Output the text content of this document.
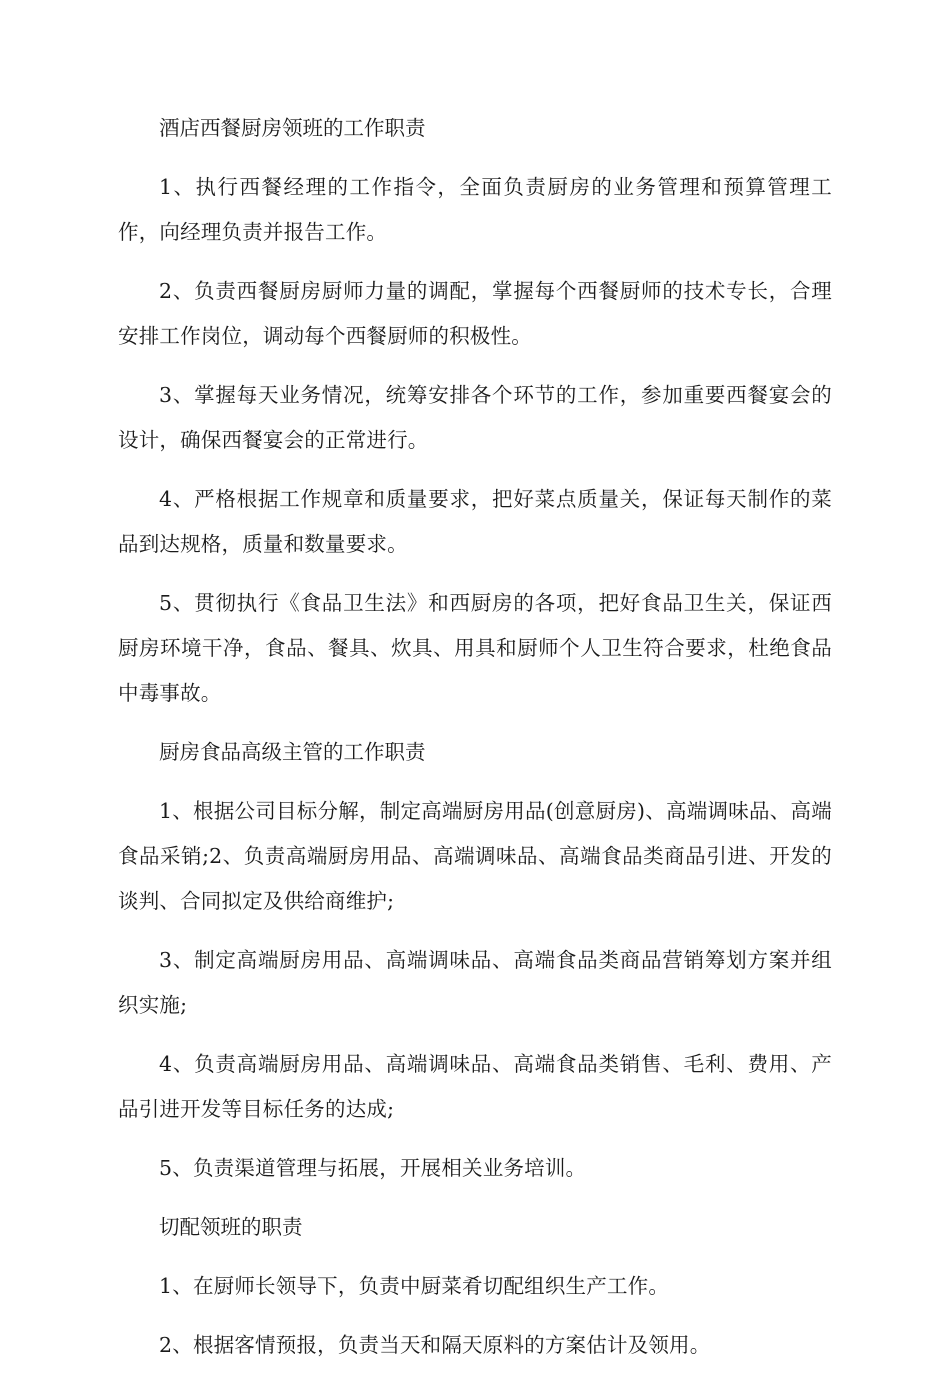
酒店西餐厨房领班的工作职责

1、执行西餐经理的工作指令，全面负责厨房的业务管理和预算管理工作，向经理负责并报告工作。

2、负责西餐厨房厨师力量的调配，掌握每个西餐厨师的技术专长，合理安排工作岗位，调动每个西餐厨师的积极性。

3、掌握每天业务情况，统筹安排各个环节的工作，参加重要西餐宴会的设计，确保西餐宴会的正常进行。

4、严格根据工作规章和质量要求，把好菜点质量关，保证每天制作的菜品到达规格，质量和数量要求。

5、贯彻执行《食品卫生法》和西厨房的各项，把好食品卫生关，保证西厨房环境干净，食品、餐具、炊具、用具和厨师个人卫生符合要求，杜绝食品中毒事故。

厨房食品高级主管的工作职责

1、根据公司目标分解，制定高端厨房用品(创意厨房)、高端调味品、高端食品采销;2、负责高端厨房用品、高端调味品、高端食品类商品引进、开发的谈判、合同拟定及供给商维护;

3、制定高端厨房用品、高端调味品、高端食品类商品营销筹划方案并组织实施;

4、负责高端厨房用品、高端调味品、高端食品类销售、毛利、费用、产品引进开发等目标任务的达成;

5、负责渠道管理与拓展，开展相关业务培训。

切配领班的职责

1、在厨师长领导下，负责中厨菜肴切配组织生产工作。

2、根据客情预报，负责当天和隔天原料的方案估计及领用。
